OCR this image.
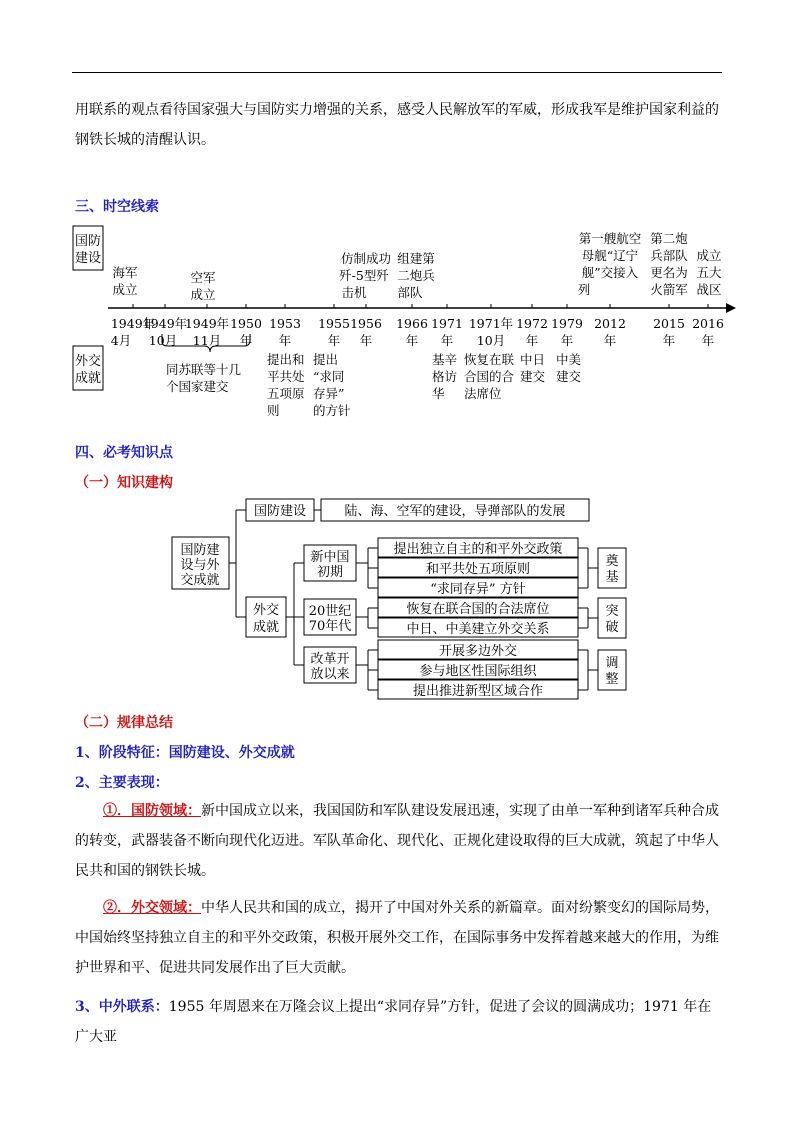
用联系的观点看待国家强大与国防实力增强的关系，感受人民解放军的军威，形成我军是维护国家利益的
钢铁长城的清醒认识。
三、时空线索
国防
建设
外交
成就
1949年
4月
1949年
10月
1949年
11月
1950
年
1953
年
1955
年
1956
年
1966
年
1971
年
1971年
10月
1972
年
1979
年
2012
年
2015
年
2016
年
海军
成立
空军
成立
仿制成功
歼-5型歼
击机
组建第
二炮兵
部队
第一艘航空
母舰“辽宁
舰”交接入
列
第二炮
兵部队
更名为
火箭军
成立
五大
战区
同苏联等十几
个国家建交
提出和
平共处
五项原
则
提出
“求同
存异”
的方针
基辛
格访
华
恢复在联
合国的合
法席位
中日
建交
中美
建交
四、必考知识点
（一）知识建构
国防建
设与外
交成就
国防建设	陆、海、空军的建设，导弹部队的发展
外交
成就
新中国
初期
提出独立自主的和平外交政策
和平共处五项原则
“求同存异” 方针
奠
基
20世纪
70年代
恢复在联合国的合法席位
中日、中美建立外交关系
突
破
改革开
放以来
开展多边外交
参与地区性国际组织
提出推进新型区域合作
调
整
（二）规律总结
1、阶段特征：国防建设、外交成就
2、主要表现：
①．国防领域：新中国成立以来，我国国防和军队建设发展迅速，实现了由单一军种到诸军兵种合成
的转变，武器装备不断向现代化迈进。军队革命化、现代化、正规化建设取得的巨大成就，筑起了中华人
民共和国的钢铁长城。
②．外交领域：中华人民共和国的成立，揭开了中国对外关系的新篇章。面对纷繁变幻的国际局势，
中国始终坚持独立自主的和平外交政策，积极开展外交工作，在国际事务中发挥着越来越大的作用，为维
护世界和平、促进共同发展作出了巨大贡献。
3、中外联系：1955 年周恩来在万隆会议上提出“求同存异”方针，促进了会议的圆满成功；1971 年在广大亚
